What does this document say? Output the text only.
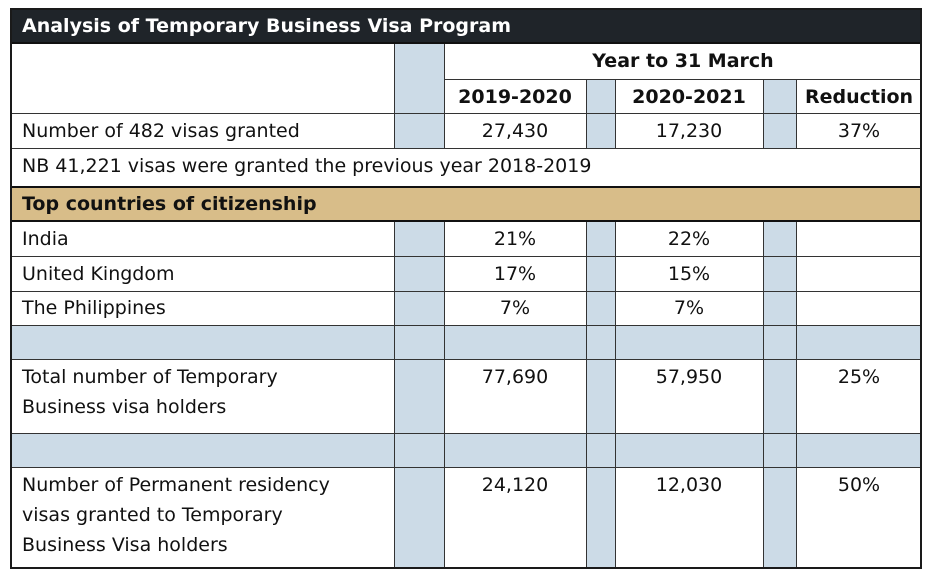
Analysis of Temporary Business Visa Program
Year to 31 March
2019-2020	2020-2021	Reduction
Number of 482 visas granted	27,430	17,230	37%
NB 41,221 visas were granted the previous year 2018-2019
Top countries of citizenship
India	21%	22%
United Kingdom	17%	15%
The Philippines	7%	7%
Total number of Temporary
Business visa holders
77,690	57,950	25%
Number of Permanent residency
visas granted to Temporary
Business Visa holders
24,120	12,030	50%
